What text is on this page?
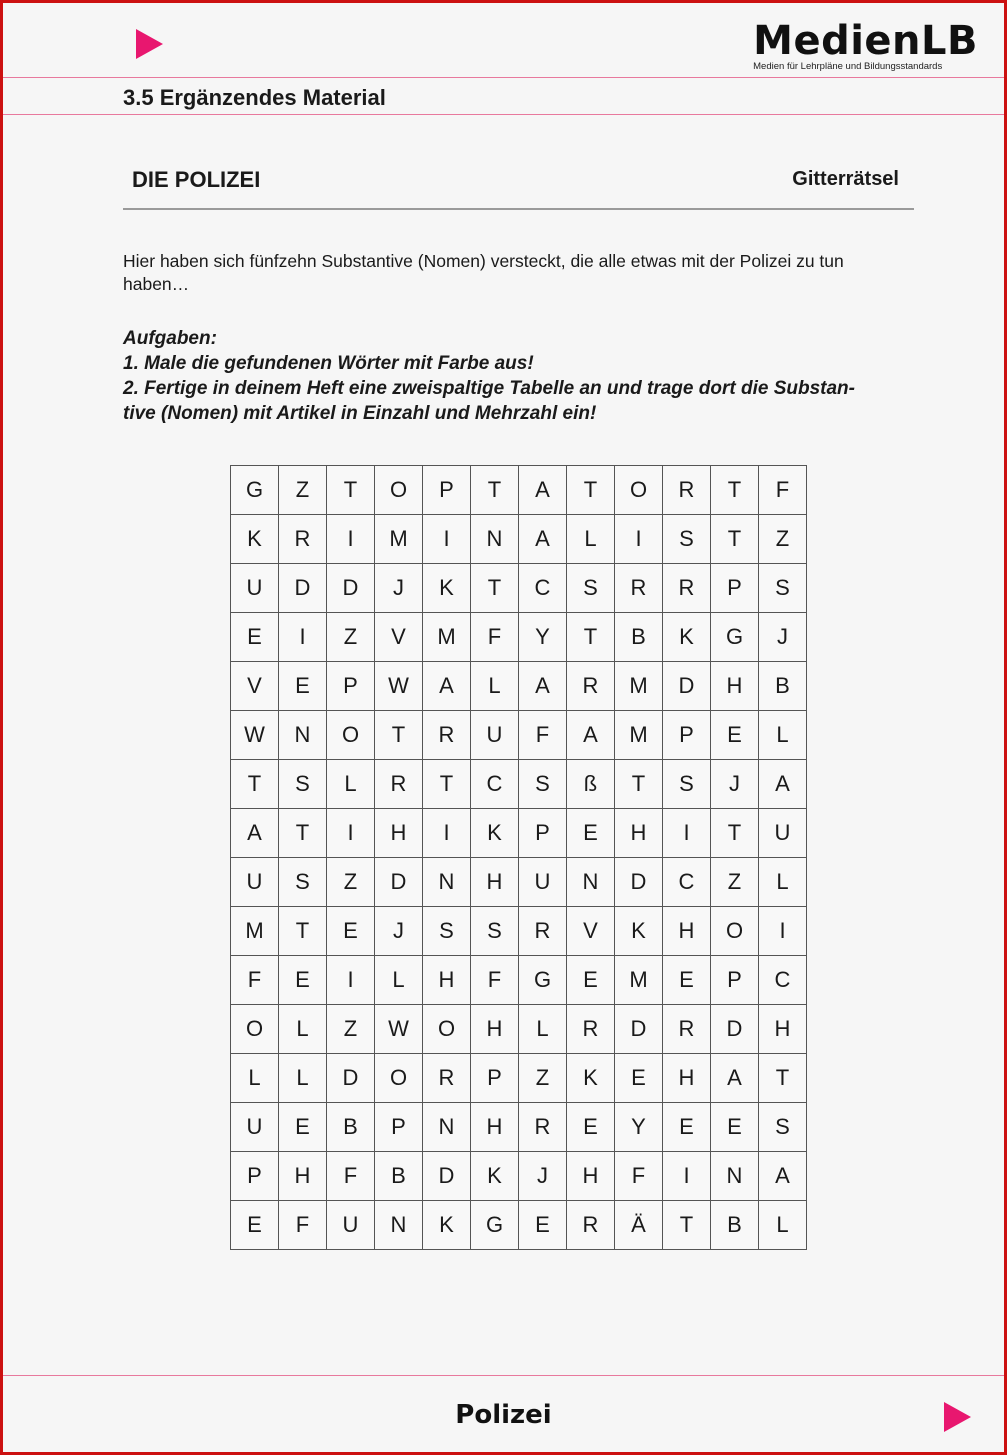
MedienLB
Medien für Lehrpläne und Bildungsstandards
3.5 Ergänzendes Material
DIE POLIZEI	Gitterrätsel
Hier haben sich fünfzehn Substantive (Nomen) versteckt, die alle etwas mit der Polizei zu tun haben…
Aufgaben:
1. Male die gefundenen Wörter mit Farbe aus!
2. Fertige in deinem Heft eine zweispaltige Tabelle an und trage dort die Substan-
tive (Nomen) mit Artikel in Einzahl und Mehrzahl ein!
G	Z	T	O	P	T	A	T	O	R	T	F
K	R	I	M	I	N	A	L	I	S	T	Z
U	D	D	J	K	T	C	S	R	R	P	S
E	I	Z	V	M	F	Y	T	B	K	G	J
V	E	P	W	A	L	A	R	M	D	H	B
W	N	O	T	R	U	F	A	M	P	E	L
T	S	L	R	T	C	S	ß	T	S	J	A
A	T	I	H	I	K	P	E	H	I	T	U
U	S	Z	D	N	H	U	N	D	C	Z	L
M	T	E	J	S	S	R	V	K	H	O	I
F	E	I	L	H	F	G	E	M	E	P	C
O	L	Z	W	O	H	L	R	D	R	D	H
L	L	D	O	R	P	Z	K	E	H	A	T
U	E	B	P	N	H	R	E	Y	E	E	S
P	H	F	B	D	K	J	H	F	I	N	A
E	F	U	N	K	G	E	R	Ä	T	B	L
Polizei
